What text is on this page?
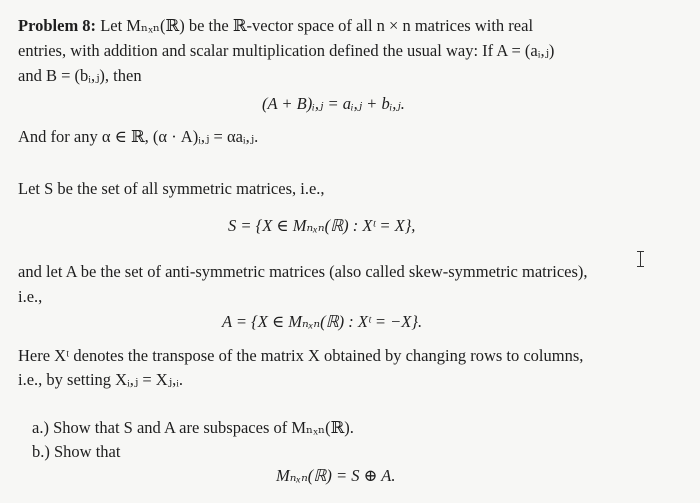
Problem 8: Let Mₙₓₙ(ℝ) be the ℝ-vector space of all n × n matrices with real
entries, with addition and scalar multiplication defined the usual way: If A = (aᵢ,ⱼ)
and B = (bᵢ,ⱼ), then
(A + B)ᵢ,ⱼ = aᵢ,ⱼ + bᵢ,ⱼ.
And for any α ∈ ℝ, (α · A)ᵢ,ⱼ = αaᵢ,ⱼ.
Let S be the set of all symmetric matrices, i.e.,
S = {X ∈ Mₙₓₙ(ℝ) : Xᵗ = X},
and let A be the set of anti-symmetric matrices (also called skew-symmetric matrices),
i.e.,
A = {X ∈ Mₙₓₙ(ℝ) : Xᵗ = −X}.
Here Xᵗ denotes the transpose of the matrix X obtained by changing rows to columns,
i.e., by setting Xᵢ,ⱼ = Xⱼ,ᵢ.
a.) Show that S and A are subspaces of Mₙₓₙ(ℝ).
b.) Show that
Mₙₓₙ(ℝ) = S ⊕ A.
